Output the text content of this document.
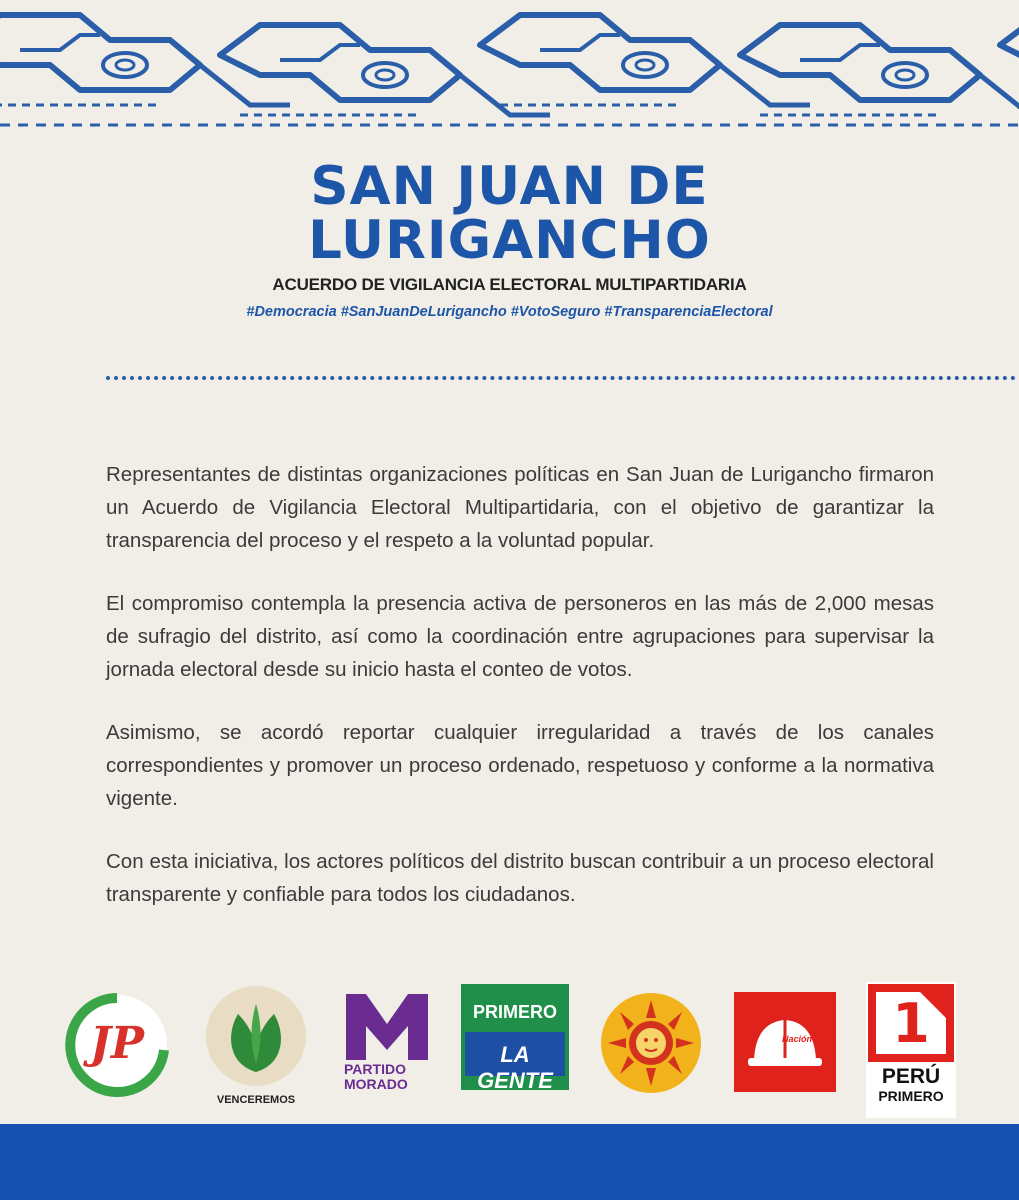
SAN JUAN DE
LURIGANCHO
ACUERDO DE VIGILANCIA ELECTORAL MULTIPARTIDARIA
#Democracia #SanJuanDeLurigancho #VotoSeguro #TransparenciaElectoral

Representantes de distintas organizaciones políticas en San Juan de Lurigancho firmaron un Acuerdo de Vigilancia Electoral Multipartidaria, con el objetivo de garantizar la transparencia del proceso y el respeto a la voluntad popular.

El compromiso contempla la presencia activa de personeros en las más de 2,000 mesas de sufragio del distrito, así como la coordinación entre agrupaciones para supervisar la jornada electoral desde su inicio hasta el conteo de votos.

Asimismo, se acordó reportar cualquier irregularidad a través de los canales correspondientes y promover un proceso ordenado, respetuoso y conforme a la normativa vigente.

Con esta iniciativa, los actores políticos del distrito buscan contribuir a un proceso electoral transparente y confiable para todos los ciudadanos.

JP
VENCEREMOS
PARTIDO
MORADO
PRIMERO
LA GENTE
Nación	1
PERÚ
PRIMERO
